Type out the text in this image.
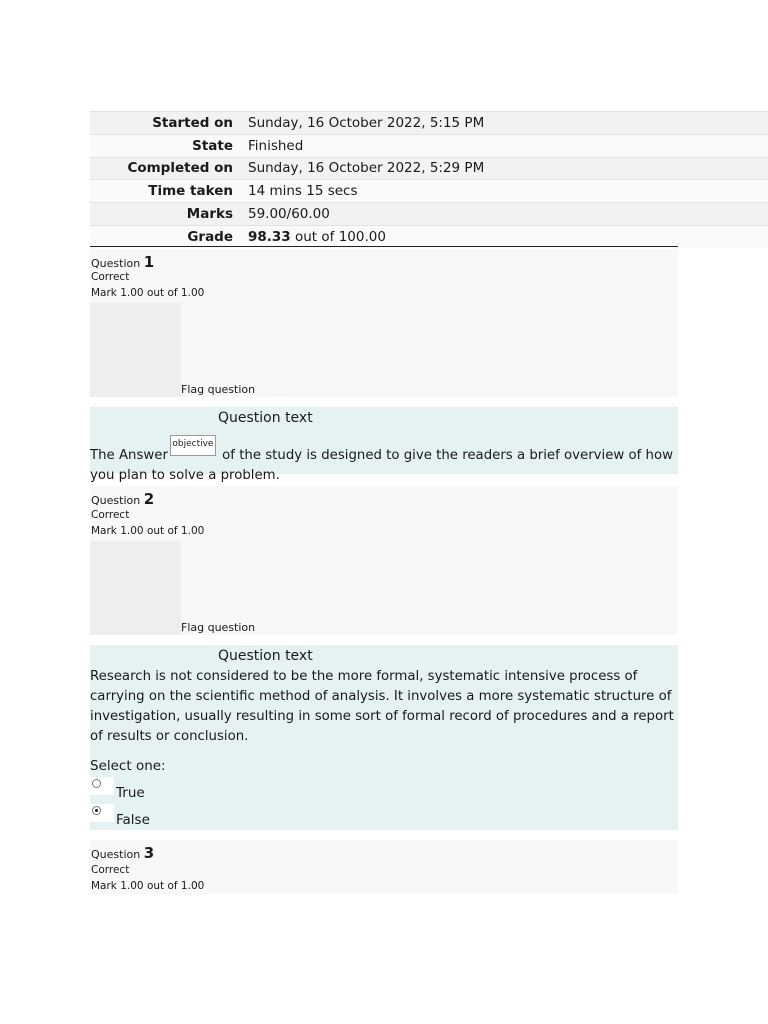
Started on	Sunday, 16 October 2022, 5:15 PM
State	Finished
Completed on	Sunday, 16 October 2022, 5:29 PM
Time taken	14 mins 15 secs
Marks	59.00/60.00
Grade	98.33 out of 100.00
Question 1
Correct
Mark 1.00 out of 1.00
Flag question
Question text
The Answerobjective of the study is designed to give the readers a brief overview of how you plan to solve a problem.
Question 2
Correct
Mark 1.00 out of 1.00
Flag question
Question text
Research is not considered to be the more formal, systematic intensive process of carrying on the scientific method of analysis. It involves a more systematic structure of investigation, usually resulting in some sort of formal record of procedures and a report of results or conclusion.
Select one:
True
False
Question 3
Correct
Mark 1.00 out of 1.00
